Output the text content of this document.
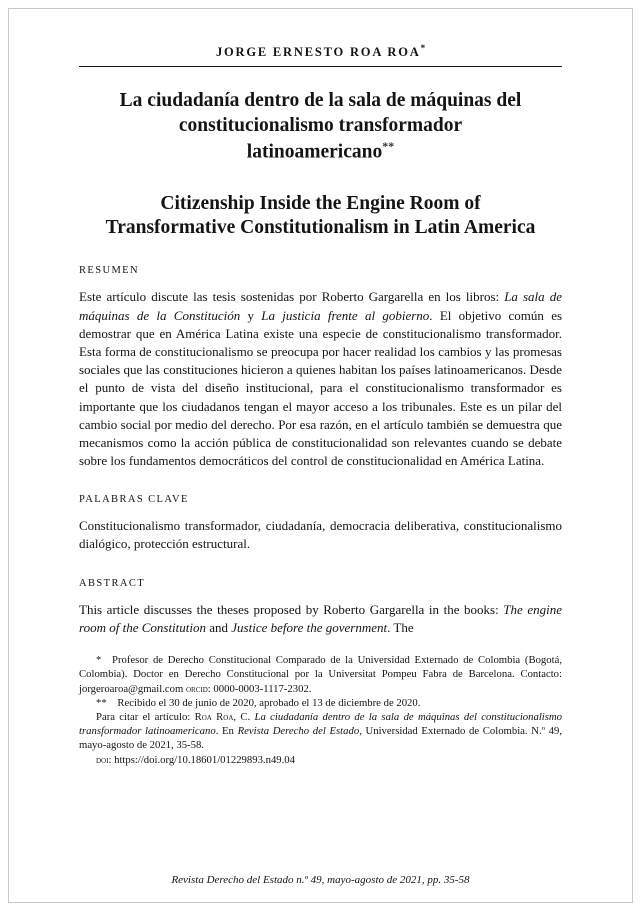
JORGE ERNESTO ROA ROA*
La ciudadanía dentro de la sala de máquinas del constitucionalismo transformador latinoamericano**
Citizenship Inside the Engine Room of Transformative Constitutionalism in Latin America
RESUMEN

Este artículo discute las tesis sostenidas por Roberto Gargarella en los libros: La sala de máquinas de la Constitución y La justicia frente al gobierno. El objetivo común es demostrar que en América Latina existe una especie de constitucionalismo transformador. Esta forma de constitucionalismo se preocupa por hacer realidad los cambios y las promesas sociales que las constituciones hicieron a quienes habitan los países latinoamericanos. Desde el punto de vista del diseño institucional, para el constitucionalismo transformador es importante que los ciudadanos tengan el mayor acceso a los tribunales. Este es un pilar del cambio social por medio del derecho. Por esa razón, en el artículo también se demuestra que mecanismos como la acción pública de constitucionalidad son relevantes cuando se debate sobre los fundamentos democráticos del control de constitucionalidad en América Latina.

PALABRAS CLAVE

Constitucionalismo transformador, ciudadanía, democracia deliberativa, constitucionalismo dialógico, protección estructural.

ABSTRACT

This article discusses the theses proposed by Roberto Gargarella in the books: The engine room of the Constitution and Justice before the government. The

* Profesor de Derecho Constitucional Comparado de la Universidad Externado de Colombia (Bogotá, Colombia). Doctor en Derecho Constitucional por la Universitat Pompeu Fabra de Barcelona. Contacto: jorgeroaroa@gmail.com orcid: 0000-0003-1117-2302.

** Recibido el 30 de junio de 2020, aprobado el 13 de diciembre de 2020.

Para citar el artículo: Roa Roa, C. La ciudadanía dentro de la sala de máquinas del constitucionalismo transformador latinoamericano. En Revista Derecho del Estado, Universidad Externado de Colombia. N.º 49, mayo-agosto de 2021, 35-58.

doi: https://doi.org/10.18601/01229893.n49.04

Revista Derecho del Estado n.º 49, mayo-agosto de 2021, pp. 35-58
